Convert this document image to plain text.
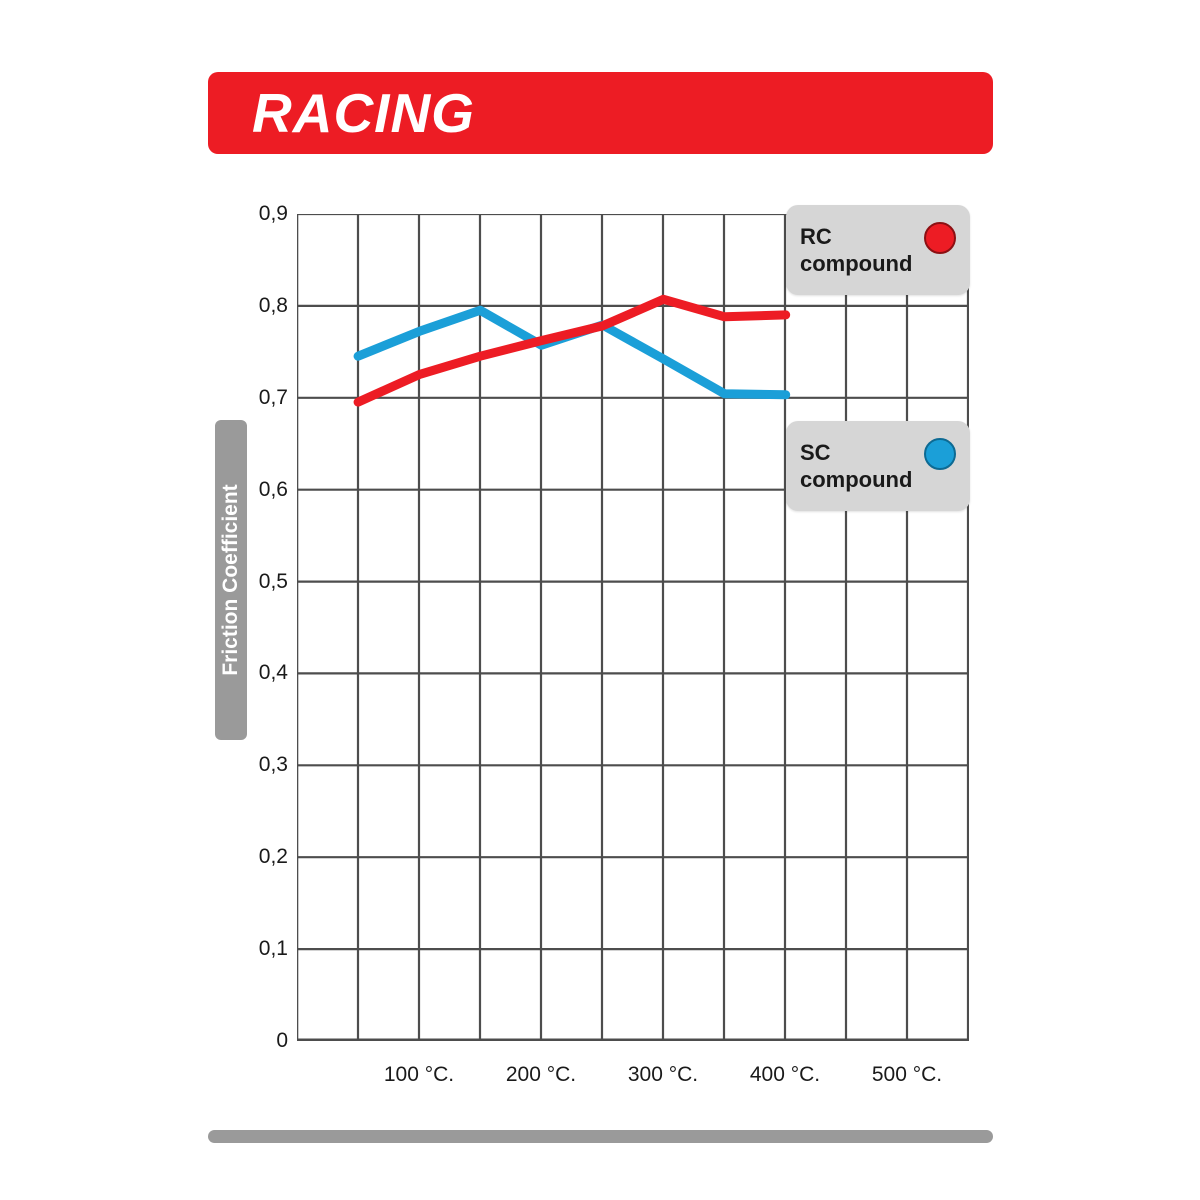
RACING
Friction Coefficient
0,9
0,8
0,7
0,6
0,5
0,4
0,3
0,2
0,1
0
100 °C. 200 °C. 300 °C. 400 °C. 500 °C.
RC
compound
SC
compound
